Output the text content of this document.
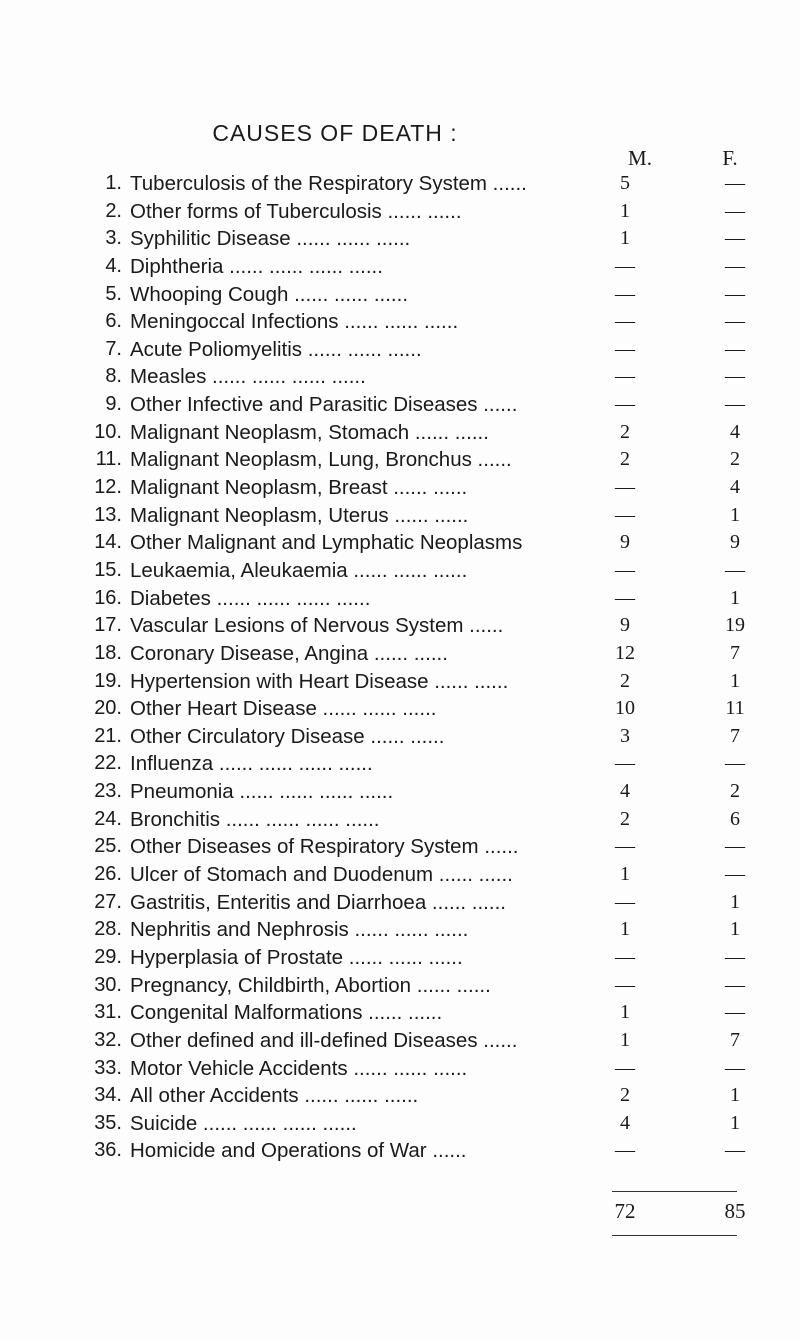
CAUSES OF DEATH :
M.	F.
1. Tuberculosis of the Respiratory System ......	5	—
2. Other forms of Tuberculosis ...... ......	1	—
3. Syphilitic Disease ...... ...... ......	1	—
4. Diphtheria ...... ...... ...... ......	—	—
5. Whooping Cough ...... ...... ......	—	—
6. Meningoccal Infections ...... ...... ......	—	—
7. Acute Poliomyelitis ...... ...... ......	—	—
8. Measles ...... ...... ...... ......	—	—
9. Other Infective and Parasitic Diseases ......	—	—
10. Malignant Neoplasm, Stomach ...... ......	2	4
11. Malignant Neoplasm, Lung, Bronchus ......	2	2
12. Malignant Neoplasm, Breast ...... ......	—	4
13. Malignant Neoplasm, Uterus ...... ......	—	1
14. Other Malignant and Lymphatic Neoplasms	9	9
15. Leukaemia, Aleukaemia ...... ...... ......	—	—
16. Diabetes ...... ...... ...... ......	—	1
17. Vascular Lesions of Nervous System ......	9	19
18. Coronary Disease, Angina ...... ......	12	7
19. Hypertension with Heart Disease ...... ......	2	1
20. Other Heart Disease ...... ...... ......	10	11
21. Other Circulatory Disease ...... ......	3	7
22. Influenza ...... ...... ...... ......	—	—
23. Pneumonia ...... ...... ...... ......	4	2
24. Bronchitis ...... ...... ...... ......	2	6
25. Other Diseases of Respiratory System ......	—	—
26. Ulcer of Stomach and Duodenum ...... ......	1	—
27. Gastritis, Enteritis and Diarrhoea ...... ......	—	1
28. Nephritis and Nephrosis ...... ...... ......	1	1
29. Hyperplasia of Prostate ...... ...... ......	—	—
30. Pregnancy, Childbirth, Abortion ...... ......	—	—
31. Congenital Malformations ...... ......	1	—
32. Other defined and ill-defined Diseases ......	1	7
33. Motor Vehicle Accidents ...... ...... ......	—	—
34. All other Accidents ...... ...... ......	2	1
35. Suicide ...... ...... ...... ......	4	1
36. Homicide and Operations of War ......	—	—
72	85
